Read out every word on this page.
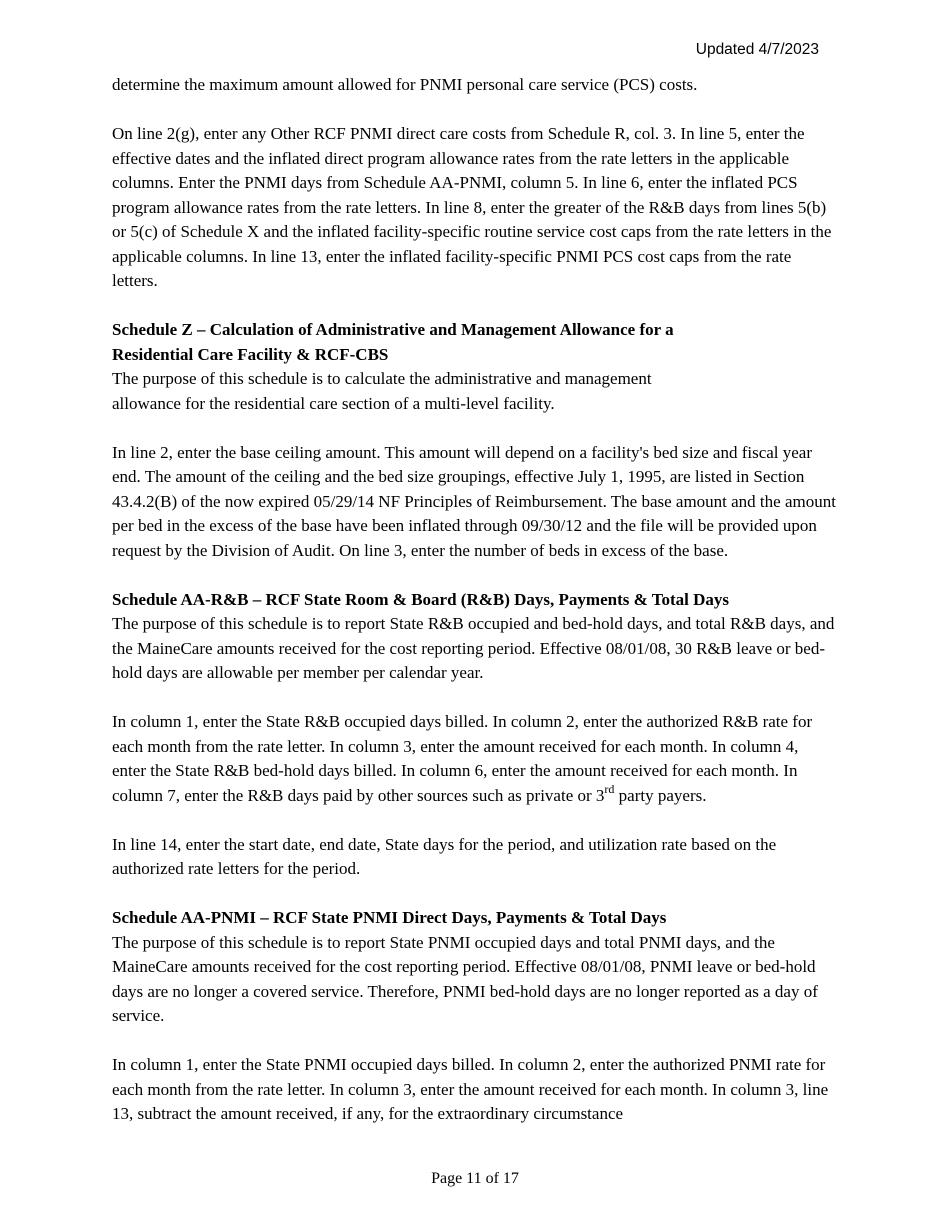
Updated 4/7/2023

determine the maximum amount allowed for PNMI personal care service (PCS) costs.

On line 2(g), enter any Other RCF PNMI direct care costs from Schedule R, col. 3. In line 5, enter the effective dates and the inflated direct program allowance rates from the rate letters in the applicable columns. Enter the PNMI days from Schedule AA-PNMI, column 5. In line 6, enter the inflated PCS program allowance rates from the rate letters. In line 8, enter the greater of the R&B days from lines 5(b) or 5(c) of Schedule X and the inflated facility-specific routine service cost caps from the rate letters in the applicable columns. In line 13, enter the inflated facility-specific PNMI PCS cost caps from the rate letters.

Schedule Z – Calculation of Administrative and Management Allowance for a Residential Care Facility & RCF-CBS

The purpose of this schedule is to calculate the administrative and management allowance for the residential care section of a multi-level facility.

In line 2, enter the base ceiling amount. This amount will depend on a facility's bed size and fiscal year end. The amount of the ceiling and the bed size groupings, effective July 1, 1995, are listed in Section 43.4.2(B) of the now expired 05/29/14 NF Principles of Reimbursement. The base amount and the amount per bed in the excess of the base have been inflated through 09/30/12 and the file will be provided upon request by the Division of Audit. On line 3, enter the number of beds in excess of the base.

Schedule AA-R&B – RCF State Room & Board (R&B) Days, Payments & Total Days

The purpose of this schedule is to report State R&B occupied and bed-hold days, and total R&B days, and the MaineCare amounts received for the cost reporting period. Effective 08/01/08, 30 R&B leave or bed- hold days are allowable per member per calendar year.

In column 1, enter the State R&B occupied days billed. In column 2, enter the authorized R&B rate for each month from the rate letter. In column 3, enter the amount received for each month. In column 4, enter the State R&B bed-hold days billed. In column 6, enter the amount received for each month. In column 7, enter the R&B days paid by other sources such as private or 3rd party payers.

In line 14, enter the start date, end date, State days for the period, and utilization rate based on the authorized rate letters for the period.

Schedule AA-PNMI – RCF State PNMI Direct Days, Payments & Total Days

The purpose of this schedule is to report State PNMI occupied days and total PNMI days, and the MaineCare amounts received for the cost reporting period. Effective 08/01/08, PNMI leave or bed-hold days are no longer a covered service. Therefore, PNMI bed-hold days are no longer reported as a day of service.

In column 1, enter the State PNMI occupied days billed. In column 2, enter the authorized PNMI rate for each month from the rate letter. In column 3, enter the amount received for each month. In column 3, line 13, subtract the amount received, if any, for the extraordinary circumstance

Page 11 of 17
